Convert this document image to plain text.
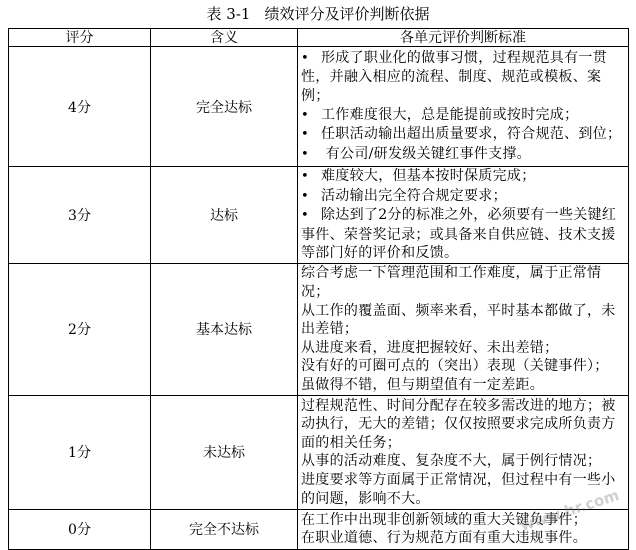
表 3-1 绩效评分及评价判断依据
评分	含义	各单元评价判断标准
4分	完全达标	• 形成了职业化的做事习惯，过程规范具有一贯性，并融入相应的流程、制度、规范或模板、案例；
• 工作难度很大，总是能提前或按时完成；
• 任职活动输出超出质量要求，符合规范、到位；
• 有公司/研发级关键红事件支撑。

3分	达标	• 难度较大，但基本按时保质完成；
• 活动输出完全符合规定要求；
• 除达到了2分的标准之外，必须要有一些关键红事件、荣誉奖记录；或具备来自供应链、技术支援等部门好的评价和反馈。

2分	基本达标	综合考虑一下管理范围和工作难度，属于正常情况；
从工作的覆盖面、频率来看，平时基本都做了，未出差错；
从进度来看，进度把握较好、未出差错；
没有好的可圈可点的（突出）表现（关键事件）；
虽做得不错，但与期望值有一定差距。

1分	未达标	过程规范性、时间分配存在较多需改进的地方；被动执行，无大的差错；仅仅按照要求完成所负责方面的相关任务；
从事的活动难度、复杂度不大，属于例行情况；
进度要求等方面属于正常情况，但过程中有一些小的问题，影响不大。

0分	完全不达标	在工作中出现非创新领域的重大关键负事件；
在职业道德、行为规范方面有重大违规事件。
www.hr.com
